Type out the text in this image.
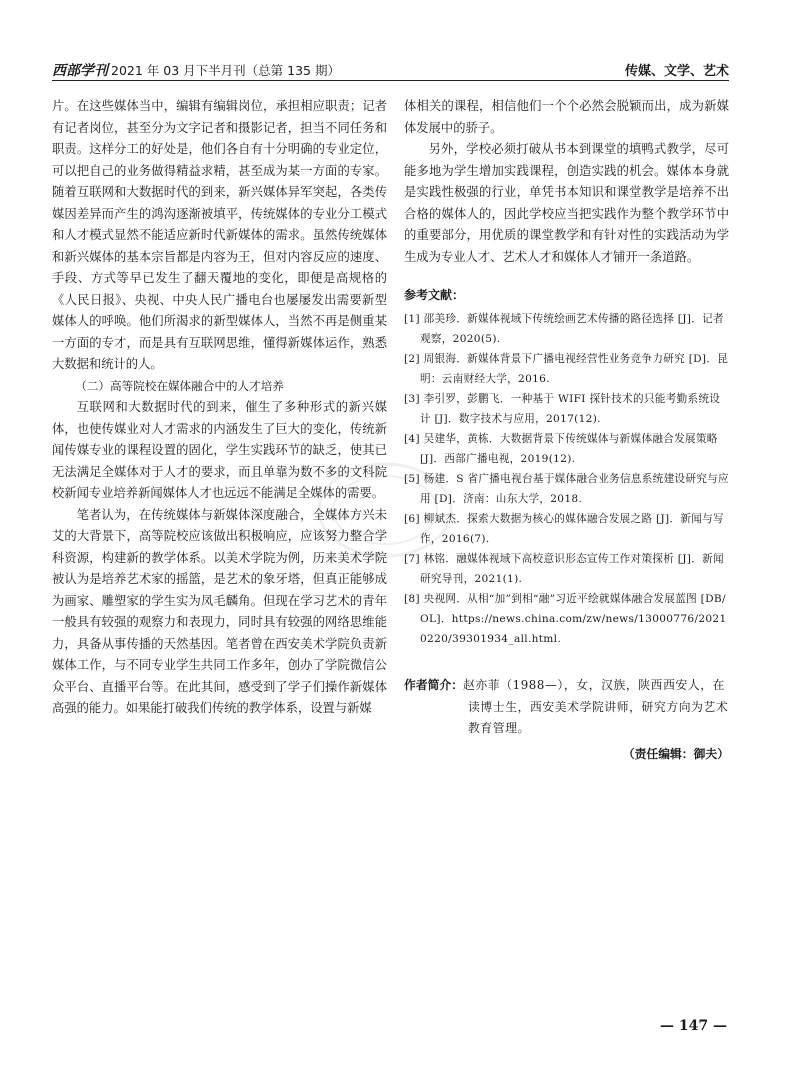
西部学刊 2021 年 03 月下半月刊（总第 135 期）	传媒、文学、艺术

片。在这些媒体当中，编辑有编辑岗位，承担相应职责；记者有记者岗位，甚至分为文字记者和摄影记者，担当不同任务和职责。这样分工的好处是，他们各自有十分明确的专业定位，可以把自己的业务做得精益求精，甚至成为某一方面的专家。随着互联网和大数据时代的到来，新兴媒体异军突起，各类传媒因差异而产生的鸿沟逐渐被填平，传统媒体的专业分工模式和人才模式显然不能适应新时代新媒体的需求。虽然传统媒体和新兴媒体的基本宗旨都是内容为王，但对内容反应的速度、手段、方式等早已发生了翻天覆地的变化，即便是高规格的《人民日报》、央视、中央人民广播电台也屡屡发出需要新型媒体人的呼唤。他们所渴求的新型媒体人，当然不再是侧重某一方面的专才，而是具有互联网思维，懂得新媒体运作，熟悉大数据和统计的人。

（二）高等院校在媒体融合中的人才培养

互联网和大数据时代的到来，催生了多种形式的新兴媒体，也使传媒业对人才需求的内涵发生了巨大的变化，传统新闻传媒专业的课程设置的固化，学生实践环节的缺乏，使其已无法满足全媒体对于人才的要求，而且单靠为数不多的文科院校新闻专业培养新闻媒体人才也远远不能满足全媒体的需要。

笔者认为，在传统媒体与新媒体深度融合，全媒体方兴未艾的大背景下，高等院校应该做出积极响应，应该努力整合学科资源，构建新的教学体系。以美术学院为例，历来美术学院被认为是培养艺术家的摇篮，是艺术的象牙塔，但真正能够成为画家、雕塑家的学生实为凤毛麟角。但现在学习艺术的青年一般具有较强的观察力和表现力，同时具有较强的网络思维能力，具备从事传播的天然基因。笔者曾在西安美术学院负责新媒体工作，与不同专业学生共同工作多年，创办了学院微信公众平台、直播平台等。在此其间，感受到了学子们操作新媒体高强的能力。如果能打破我们传统的教学体系，设置与新媒

体相关的课程，相信他们一个个必然会脱颖而出，成为新媒体发展中的骄子。

另外，学校必须打破从书本到课堂的填鸭式教学，尽可能多地为学生增加实践课程，创造实践的机会。媒体本身就是实践性极强的行业，单凭书本知识和课堂教学是培养不出合格的媒体人的，因此学校应当把实践作为整个教学环节中的重要部分，用优质的课堂教学和有针对性的实践活动为学生成为专业人才、艺术人才和媒体人才铺开一条道路。

参考文献：
[1] 邵美珍．新媒体视域下传统绘画艺术传播的路径选择 [J]．记者观察，2020(5).
[2] 周银海．新媒体背景下广播电视经营性业务竞争力研究 [D]．昆明：云南财经大学，2016.
[3] 李引罗，彭鹏飞．一种基于 WIFI 探针技术的只能考勤系统设计 [J]．数字技术与应用，2017(12).
[4] 吴建华，黄栋．大数据背景下传统媒体与新媒体融合发展策略 [J]．西部广播电视，2019(12).
[5] 杨建．S 省广播电视台基于媒体融合业务信息系统建设研究与应用 [D]．济南：山东大学，2018.
[6] 柳斌杰．探索大数据为核心的媒体融合发展之路 [J]．新闻与写作，2016(7).
[7] 林铭．融媒体视域下高校意识形态宣传工作对策探析 [J]．新闻研究导刊，2021(1).
[8] 央视网．从相“加”到相“融”习近平绘就媒体融合发展蓝图 [DB/OL]．https://news.china.com/zw/news/13000776/20210220/39301934_all.html.
作者简介：赵亦菲（1988—），女，汉族，陕西西安人，在读博士生，西安美术学院讲师，研究方向为艺术教育管理。
（责任编辑：御夫）
— 147 —
